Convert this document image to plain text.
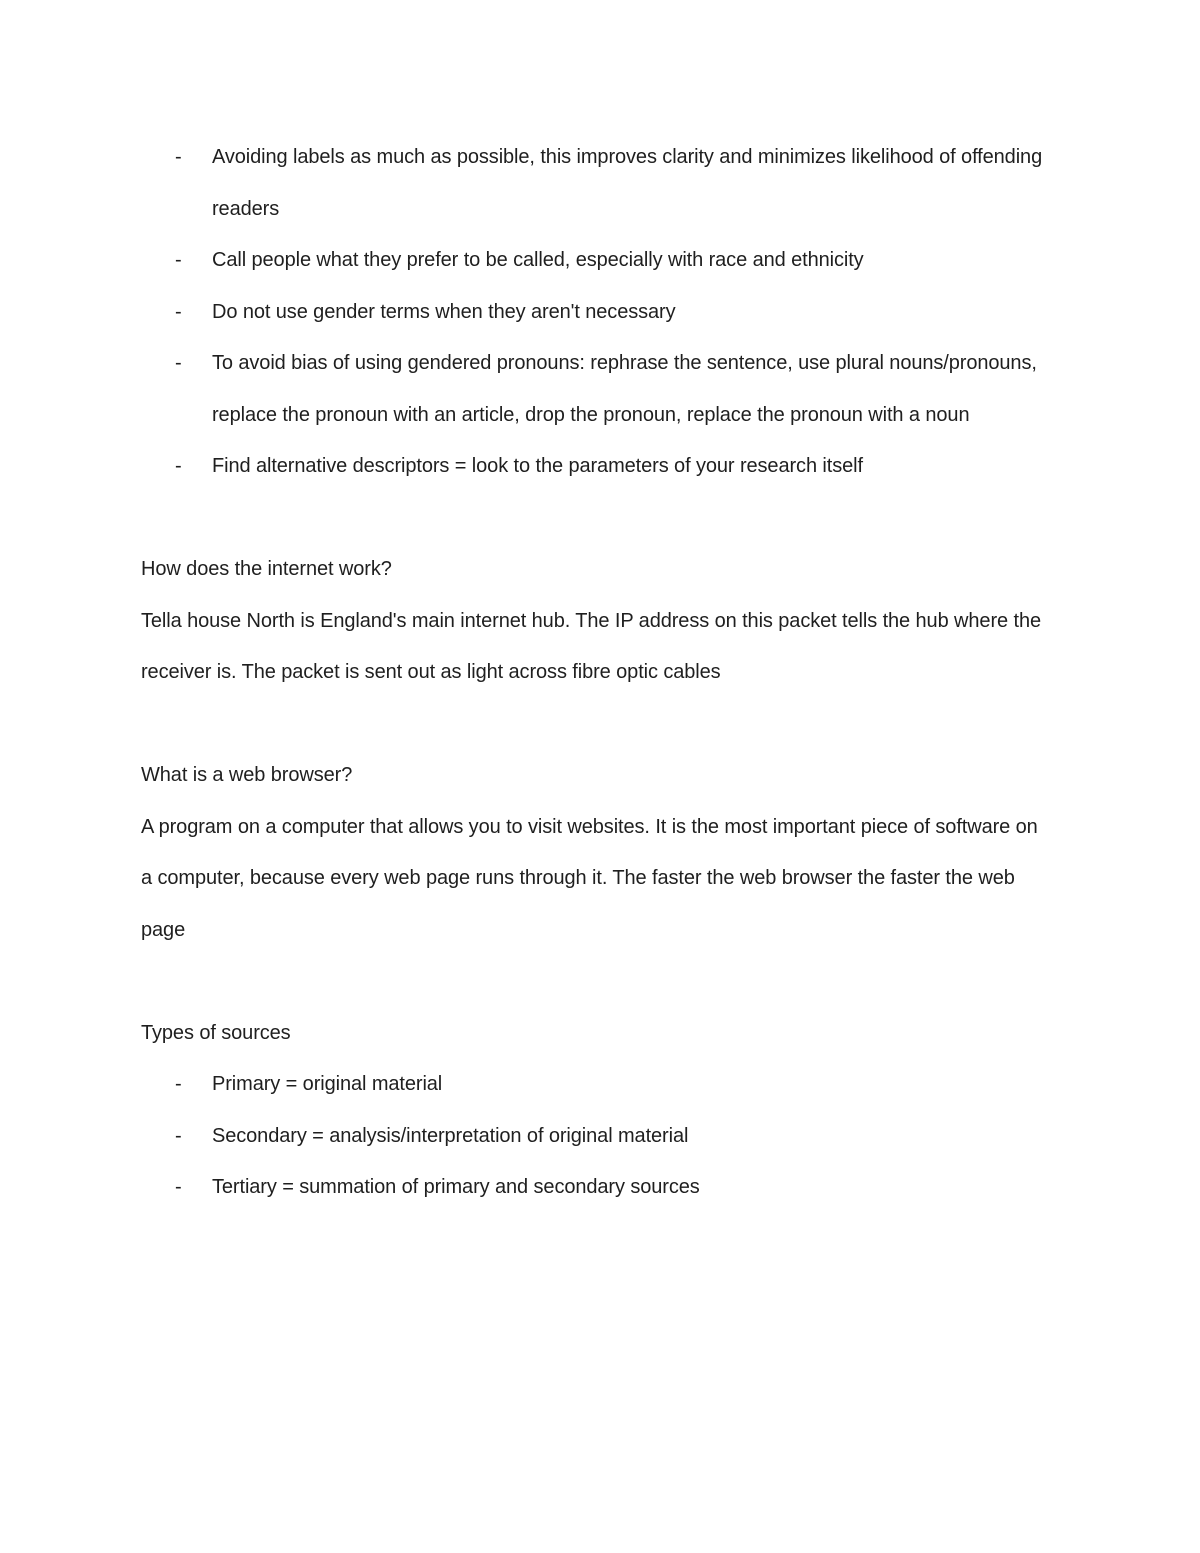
- Avoiding labels as much as possible, this improves clarity and minimizes likelihood of offending readers
- Call people what they prefer to be called, especially with race and ethnicity
- Do not use gender terms when they aren't necessary
- To avoid bias of using gendered pronouns: rephrase the sentence, use plural nouns/pronouns, replace the pronoun with an article, drop the pronoun, replace the pronoun with a noun
- Find alternative descriptors = look to the parameters of your research itself

How does the internet work?

Tella house North is England's main internet hub. The IP address on this packet tells the hub where the receiver is. The packet is sent out as light across fibre optic cables

What is a web browser?

A program on a computer that allows you to visit websites. It is the most important piece of software on a computer, because every web page runs through it. The faster the web browser the faster the web page

Types of sources

- Primary = original material
- Secondary = analysis/interpretation of original material
- Tertiary = summation of primary and secondary sources
